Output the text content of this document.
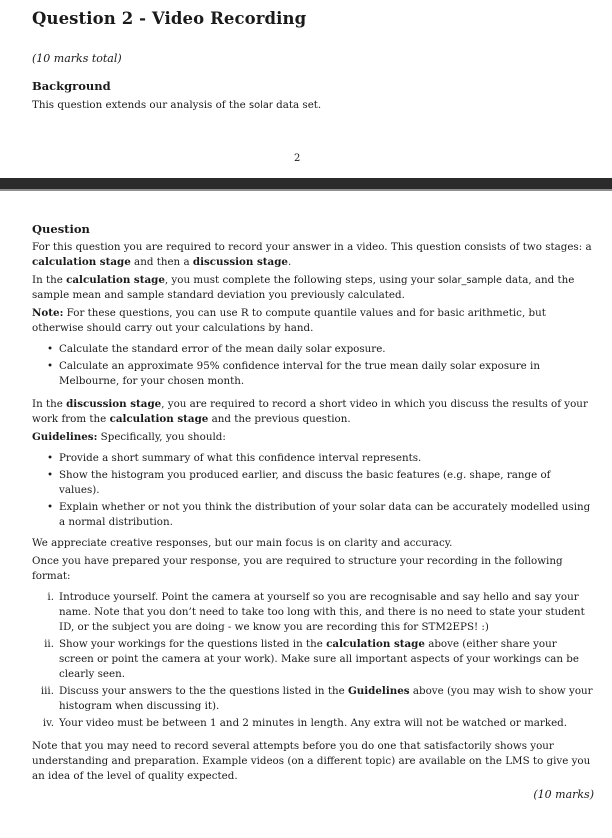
Question 2 - Video Recording
(10 marks total)
Background
This question extends our analysis of the solar data set.
2
Question

For this question you are required to record your answer in a video. This question consists of two stages: a calculation stage and then a discussion stage.

In the calculation stage, you must complete the following steps, using your solar_sample data, and the sample mean and sample standard deviation you previously calculated.

Note: For these questions, you can use R to compute quantile values and for basic arithmetic, but otherwise should carry out your calculations by hand.

• Calculate the standard error of the mean daily solar exposure.
• Calculate an approximate 95% confidence interval for the true mean daily solar exposure in Melbourne, for your chosen month.

In the discussion stage, you are required to record a short video in which you discuss the results of your work from the calculation stage and the previous question.

Guidelines: Specifically, you should:

• Provide a short summary of what this confidence interval represents.
• Show the histogram you produced earlier, and discuss the basic features (e.g. shape, range of values).
• Explain whether or not you think the distribution of your solar data can be accurately modelled using a normal distribution.

We appreciate creative responses, but our main focus is on clarity and accuracy.

Once you have prepared your response, you are required to structure your recording in the following format:

i. Introduce yourself. Point the camera at yourself so you are recognisable and say hello and say your name. Note that you don’t need to take too long with this, and there is no need to state your student ID, or the subject you are doing - we know you are recording this for STM2EPS! :)
ii. Show your workings for the questions listed in the calculation stage above (either share your screen or point the camera at your work). Make sure all important aspects of your workings can be clearly seen.
iii. Discuss your answers to the the questions listed in the Guidelines above (you may wish to show your histogram when discussing it).
iv. Your video must be between 1 and 2 minutes in length. Any extra will not be watched or marked.

Note that you may need to record several attempts before you do one that satisfactorily shows your understanding and preparation. Example videos (on a different topic) are available on the LMS to give you an idea of the level of quality expected.

(10 marks)
